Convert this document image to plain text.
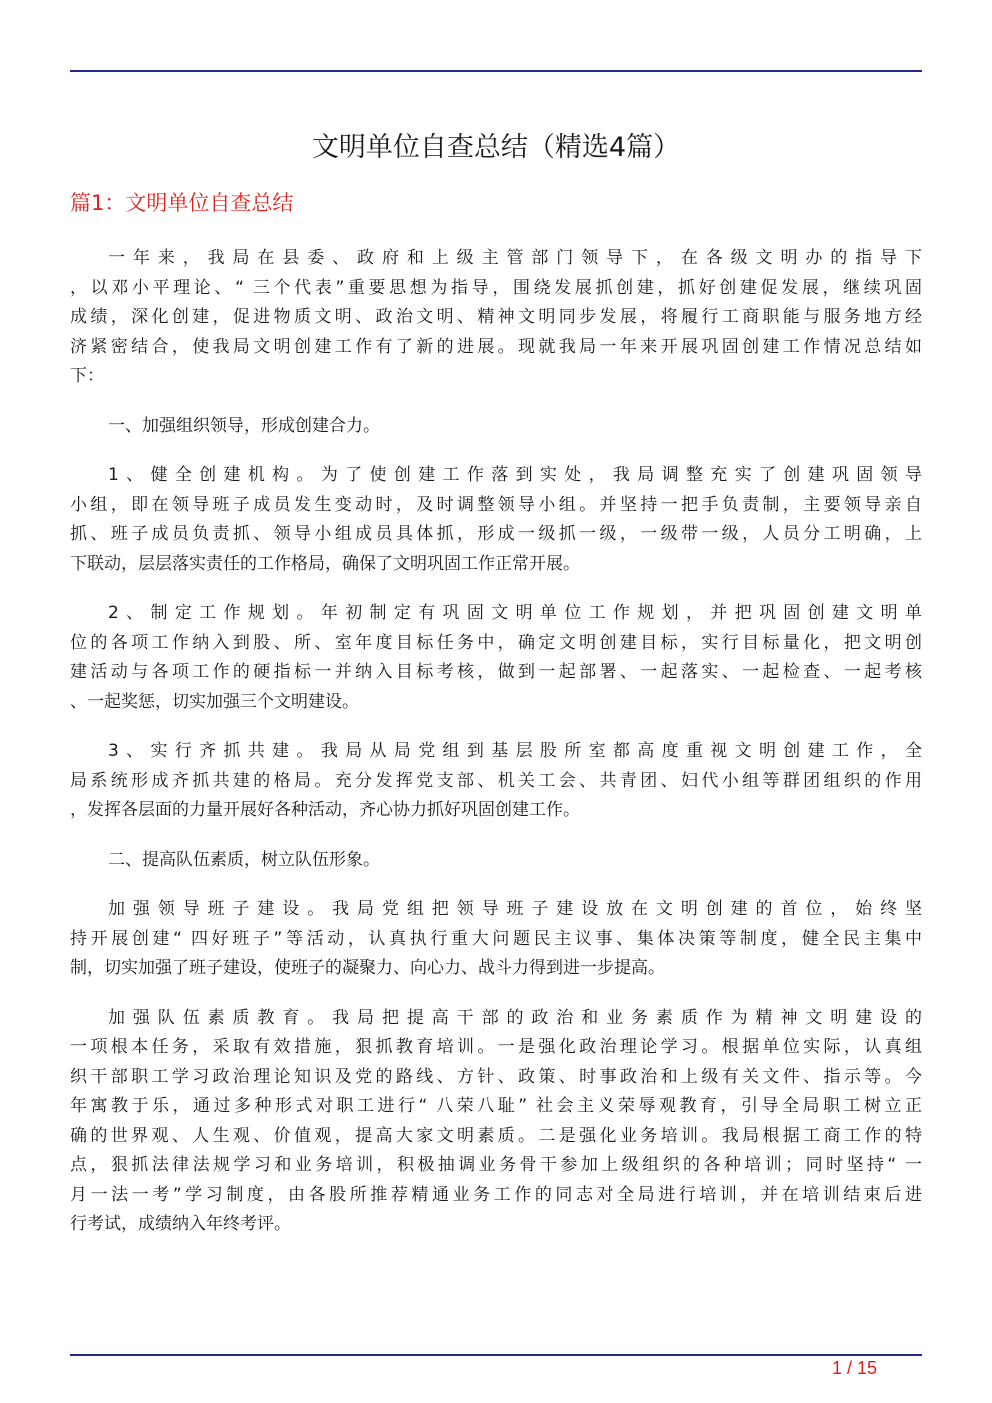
文明单位自查总结（精选4篇）
篇1：文明单位自查总结

一年来，我局在县委、政府和上级主管部门领导下，在各级文明办的指导下
，以邓小平理论、“ 三个代表”重要思想为指导，围绕发展抓创建，抓好创建促发展，继续巩固
成绩，深化创建，促进物质文明、政治文明、精神文明同步发展，将履行工商职能与服务地方经
济紧密结合，使我局文明创建工作有了新的进展。现就我局一年来开展巩固创建工作情况总结如
下：

一、加强组织领导，形成创建合力。

1、健全创建机构。为了使创建工作落到实处，我局调整充实了创建巩固领导
小组，即在领导班子成员发生变动时，及时调整领导小组。并坚持一把手负责制，主要领导亲自
抓、班子成员负责抓、领导小组成员具体抓，形成一级抓一级，一级带一级，人员分工明确，上
下联动，层层落实责任的工作格局，确保了文明巩固工作正常开展。

2、制定工作规划。年初制定有巩固文明单位工作规划，并把巩固创建文明单
位的各项工作纳入到股、所、室年度目标任务中，确定文明创建目标，实行目标量化，把文明创
建活动与各项工作的硬指标一并纳入目标考核，做到一起部署、一起落实、一起检查、一起考核
、一起奖惩，切实加强三个文明建设。

3、实行齐抓共建。我局从局党组到基层股所室都高度重视文明创建工作，全
局系统形成齐抓共建的格局。充分发挥党支部、机关工会、共青团、妇代小组等群团组织的作用
，发挥各层面的力量开展好各种活动，齐心协力抓好巩固创建工作。

二、提高队伍素质，树立队伍形象。

加强领导班子建设。我局党组把领导班子建设放在文明创建的首位，始终坚
持开展创建“ 四好班子”等活动，认真执行重大问题民主议事、集体决策等制度，健全民主集中
制，切实加强了班子建设，使班子的凝聚力、向心力、战斗力得到进一步提高。

加强队伍素质教育。我局把提高干部的政治和业务素质作为精神文明建设的
一项根本任务，采取有效措施，狠抓教育培训。一是强化政治理论学习。根据单位实际，认真组
织干部职工学习政治理论知识及党的路线、方针、政策、时事政治和上级有关文件、指示等。今
年寓教于乐，通过多种形式对职工进行“ 八荣八耻” 社会主义荣辱观教育，引导全局职工树立正
确的世界观、人生观、价值观，提高大家文明素质。二是强化业务培训。我局根据工商工作的特
点，狠抓法律法规学习和业务培训，积极抽调业务骨干参加上级组织的各种培训；同时坚持“ 一
月一法一考”学习制度，由各股所推荐精通业务工作的同志对全局进行培训，并在培训结束后进
行考试，成绩纳入年终考评。

1 / 15
